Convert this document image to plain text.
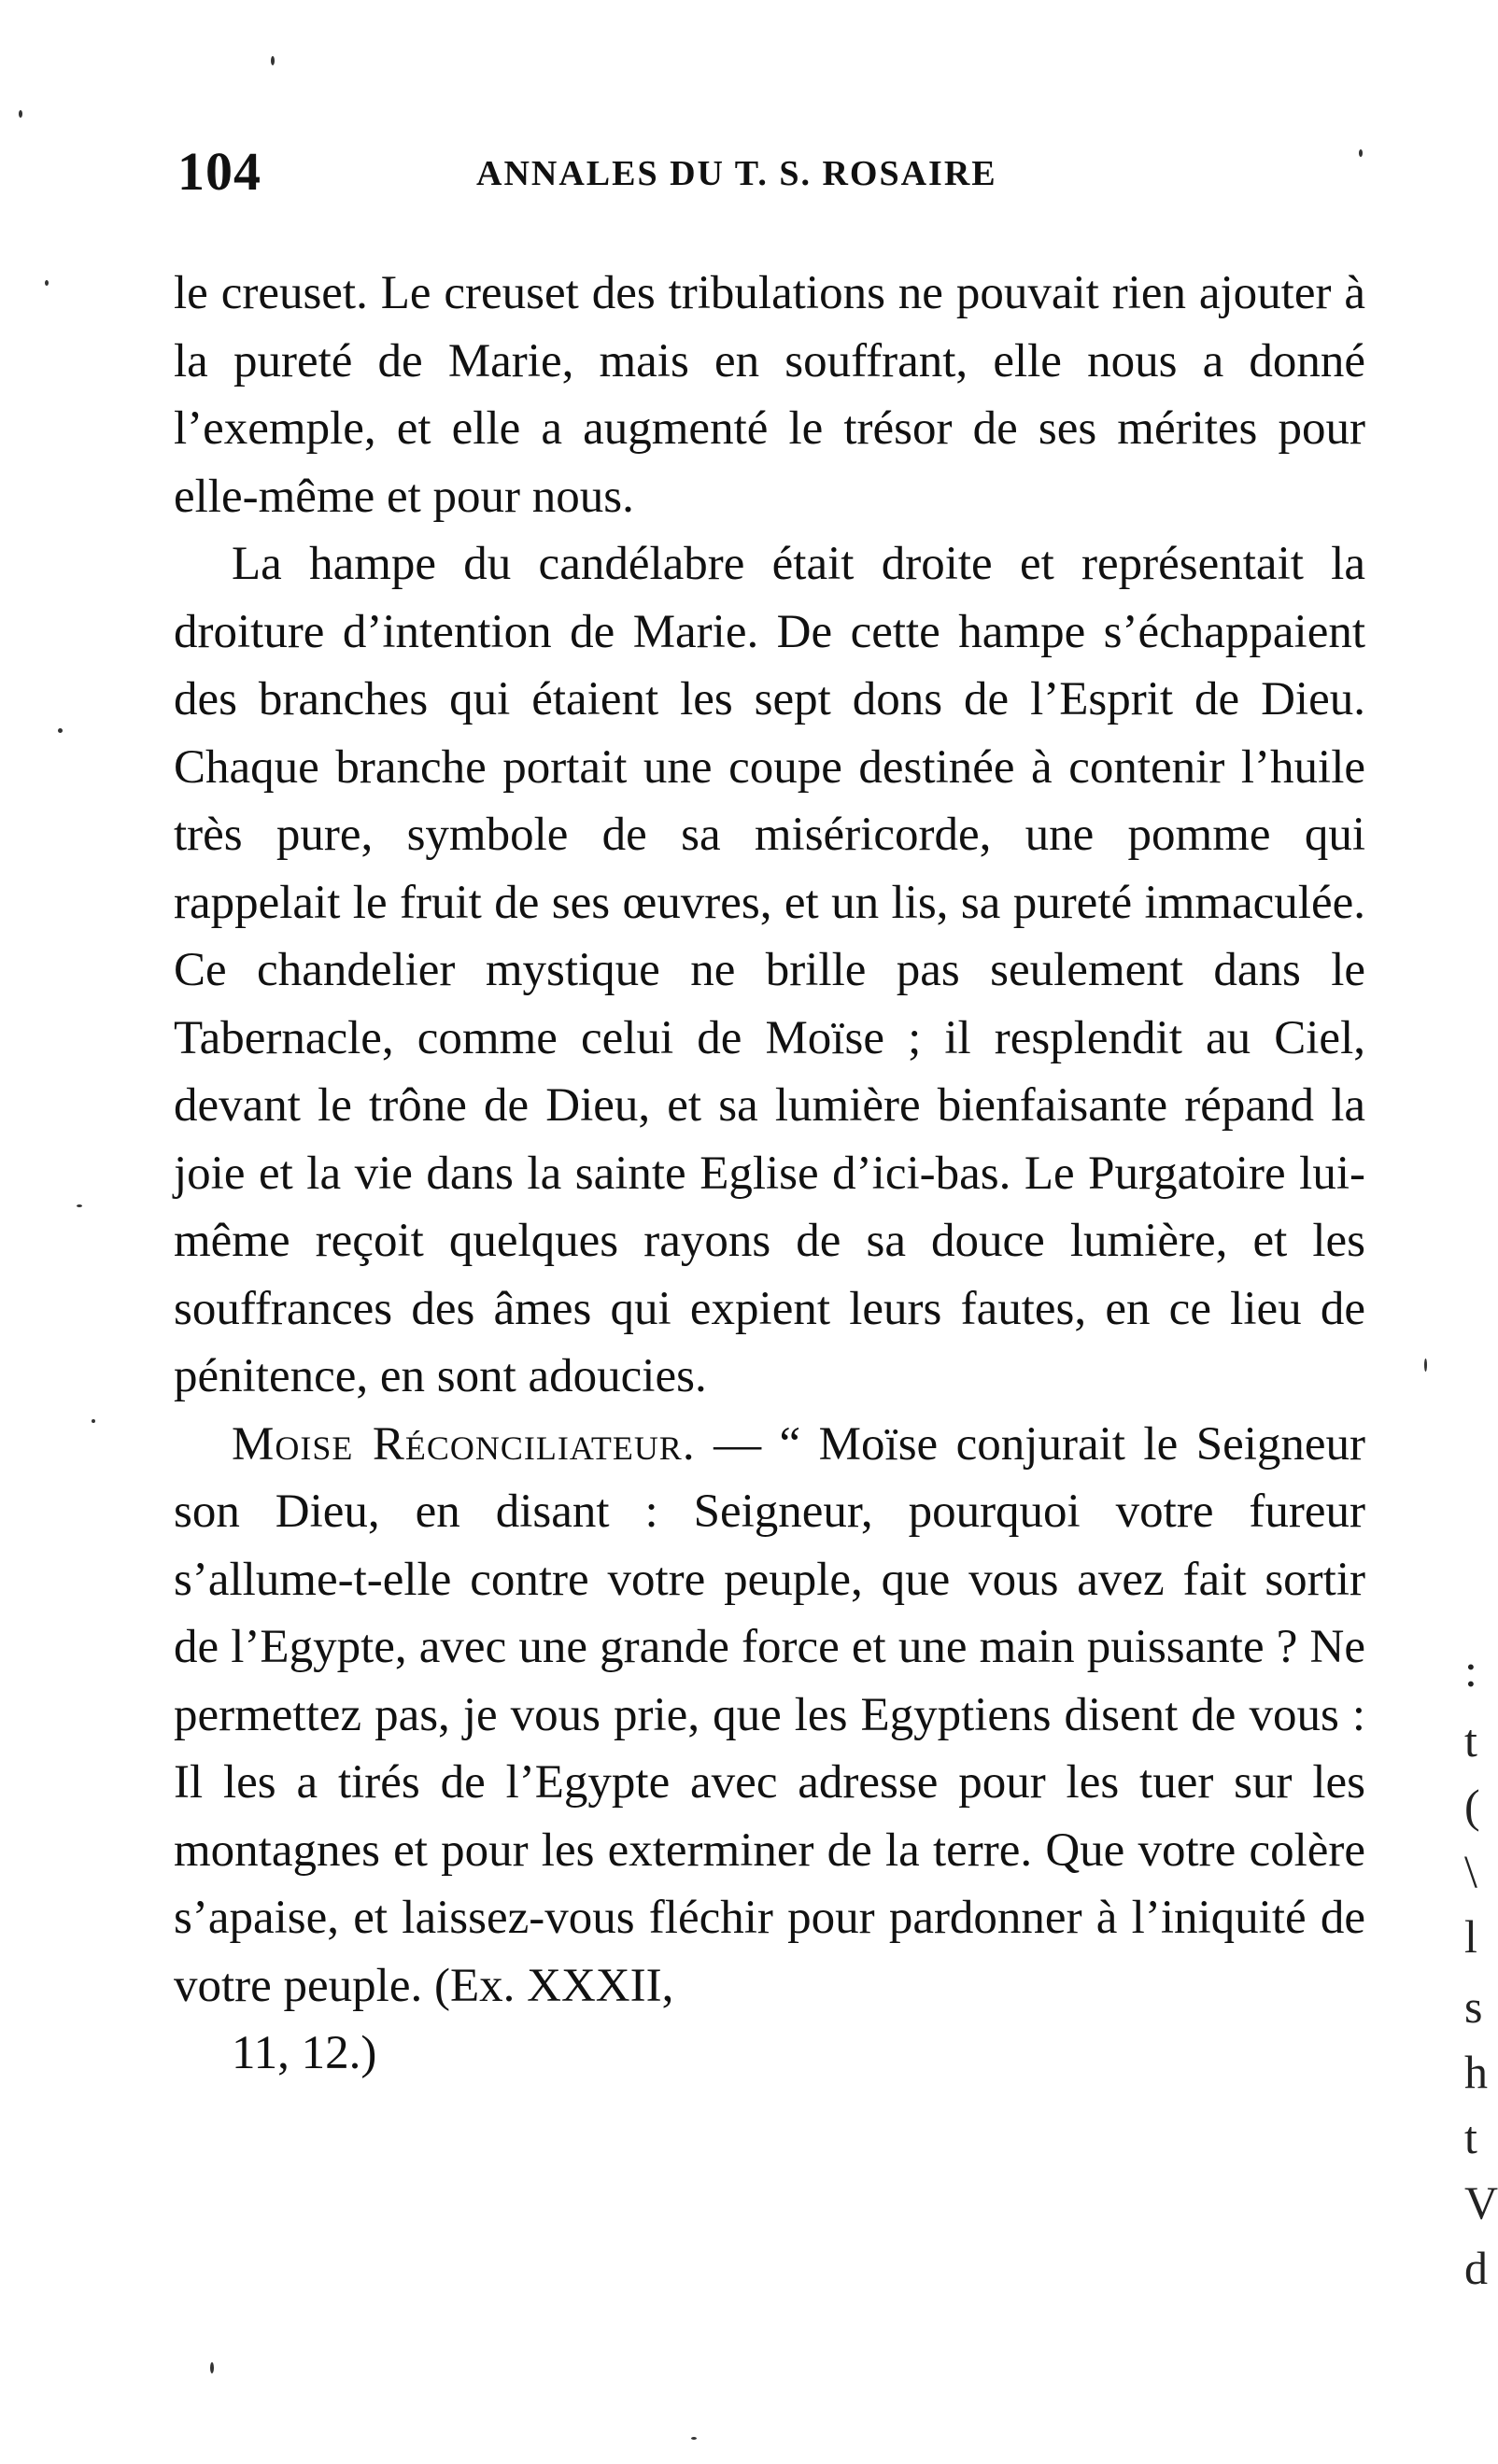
104	ANNALES DU T. S. ROSAIRE

le creuset. Le creuset des tribulations ne pouvait rien ajouter à la pureté de Marie, mais en souffrant, elle nous a donné l’exemple, et elle a augmenté le trésor de ses mérites pour elle-même et pour nous.

La hampe du candélabre était droite et représentait la droiture d’intention de Marie. De cette hampe s’échappaient des branches qui étaient les sept dons de l’Esprit de Dieu. Chaque branche portait une coupe destinée à contenir l’huile très pure, symbole de sa miséricorde, une pomme qui rappelait le fruit de ses œuvres, et un lis, sa pureté immaculée. Ce chandelier mystique ne brille pas seulement dans le Tabernacle, comme celui de Moïse ; il resplendit au Ciel, devant le trône de Dieu, et sa lumière bienfaisante répand la joie et la vie dans la sainte Eglise d’ici-bas. Le Purgatoire lui-même reçoit quelques rayons de sa douce lumière, et les souffrances des âmes qui expient leurs fautes, en ce lieu de pénitence, en sont adoucies.

Moise Réconciliateur. — “ Moïse conjurait le Seigneur son Dieu, en disant : Seigneur, pourquoi votre fureur s’allume-t-elle contre votre peuple, que vous avez fait sortir de l’Egypte, avec une grande force et une main puissante ? Ne permettez pas, je vous prie, que les Egyptiens disent de vous : Il les a tirés de l’Egypte avec adresse pour les tuer sur les montagnes et pour les exterminer de la terre. Que votre colère s’apaise, et laissez-vous fléchir pour pardonner à l’iniquité de votre peuple. (Ex. XXXII,
11, 12.)

:
t
(
\
l
s
h
t
V
d
